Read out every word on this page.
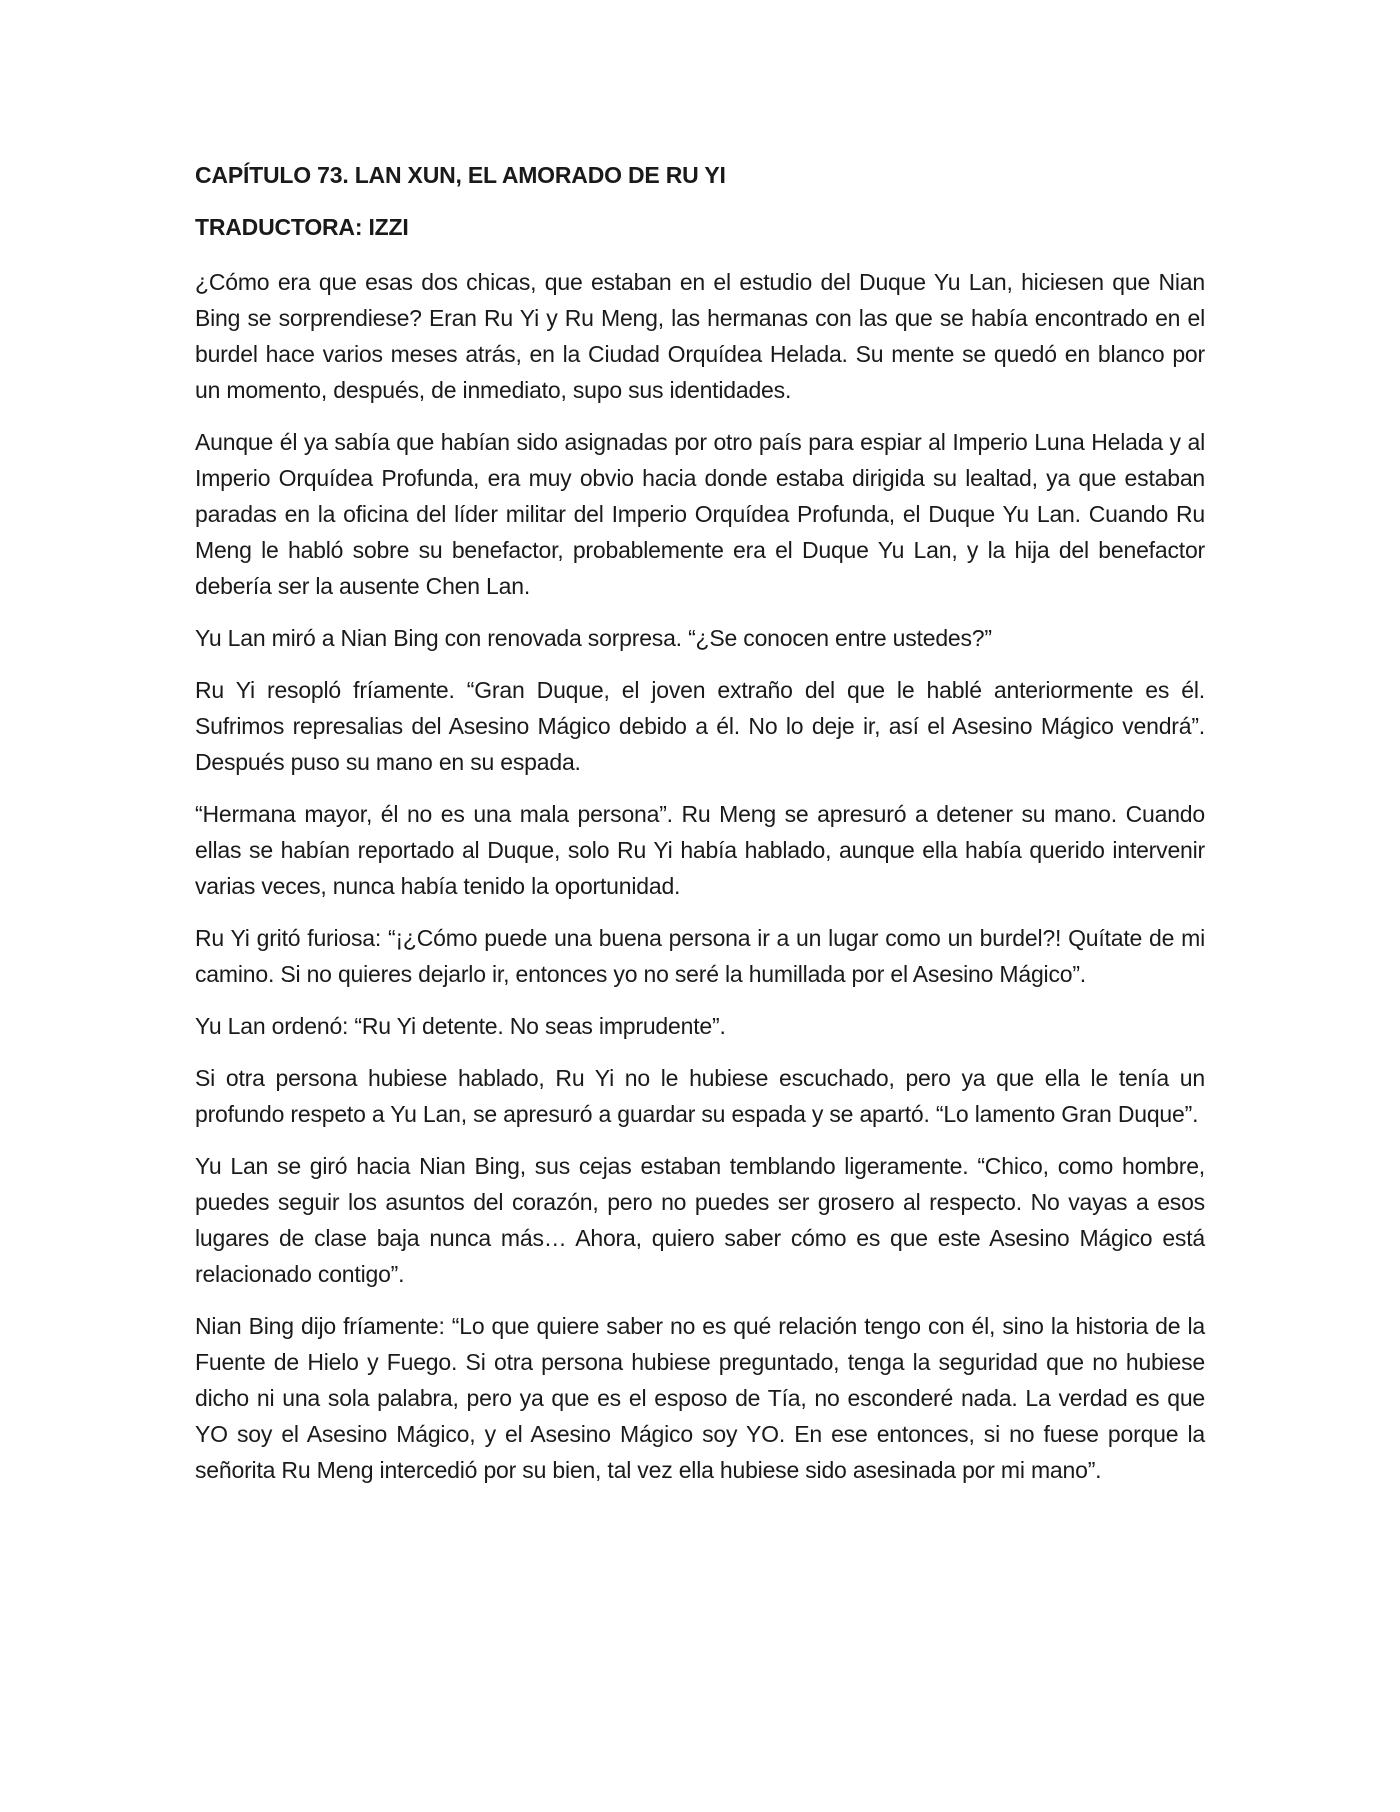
CAPÍTULO 73. LAN XUN, EL AMORADO DE RU YI
TRADUCTORA: IZZI

¿Cómo era que esas dos chicas, que estaban en el estudio del Duque Yu Lan, hiciesen que Nian Bing se sorprendiese? Eran Ru Yi y Ru Meng, las hermanas con las que se había encontrado en el burdel hace varios meses atrás, en la Ciudad Orquídea Helada. Su mente se quedó en blanco por un momento, después, de inmediato, supo sus identidades.

Aunque él ya sabía que habían sido asignadas por otro país para espiar al Imperio Luna Helada y al Imperio Orquídea Profunda, era muy obvio hacia donde estaba dirigida su lealtad, ya que estaban paradas en la oficina del líder militar del Imperio Orquídea Profunda, el Duque Yu Lan. Cuando Ru Meng le habló sobre su benefactor, probablemente era el Duque Yu Lan, y la hija del benefactor debería ser la ausente Chen Lan.

Yu Lan miró a Nian Bing con renovada sorpresa. “¿Se conocen entre ustedes?”

Ru Yi resopló fríamente. “Gran Duque, el joven extraño del que le hablé anteriormente es él. Sufrimos represalias del Asesino Mágico debido a él. No lo deje ir, así el Asesino Mágico vendrá”. Después puso su mano en su espada.

“Hermana mayor, él no es una mala persona”. Ru Meng se apresuró a detener su mano. Cuando ellas se habían reportado al Duque, solo Ru Yi había hablado, aunque ella había querido intervenir varias veces, nunca había tenido la oportunidad.

Ru Yi gritó furiosa: “¡¿Cómo puede una buena persona ir a un lugar como un burdel?! Quítate de mi camino. Si no quieres dejarlo ir, entonces yo no seré la humillada por el Asesino Mágico”.

Yu Lan ordenó: “Ru Yi detente. No seas imprudente”.

Si otra persona hubiese hablado, Ru Yi no le hubiese escuchado, pero ya que ella le tenía un profundo respeto a Yu Lan, se apresuró a guardar su espada y se apartó. “Lo lamento Gran Duque”.

Yu Lan se giró hacia Nian Bing, sus cejas estaban temblando ligeramente. “Chico, como hombre, puedes seguir los asuntos del corazón, pero no puedes ser grosero al respecto. No vayas a esos lugares de clase baja nunca más… Ahora, quiero saber cómo es que este Asesino Mágico está relacionado contigo”.

Nian Bing dijo fríamente: “Lo que quiere saber no es qué relación tengo con él, sino la historia de la Fuente de Hielo y Fuego. Si otra persona hubiese preguntado, tenga la seguridad que no hubiese dicho ni una sola palabra, pero ya que es el esposo de Tía, no esconderé nada. La verdad es que YO soy el Asesino Mágico, y el Asesino Mágico soy YO. En ese entonces, si no fuese porque la señorita Ru Meng intercedió por su bien, tal vez ella hubiese sido asesinada por mi mano”.
